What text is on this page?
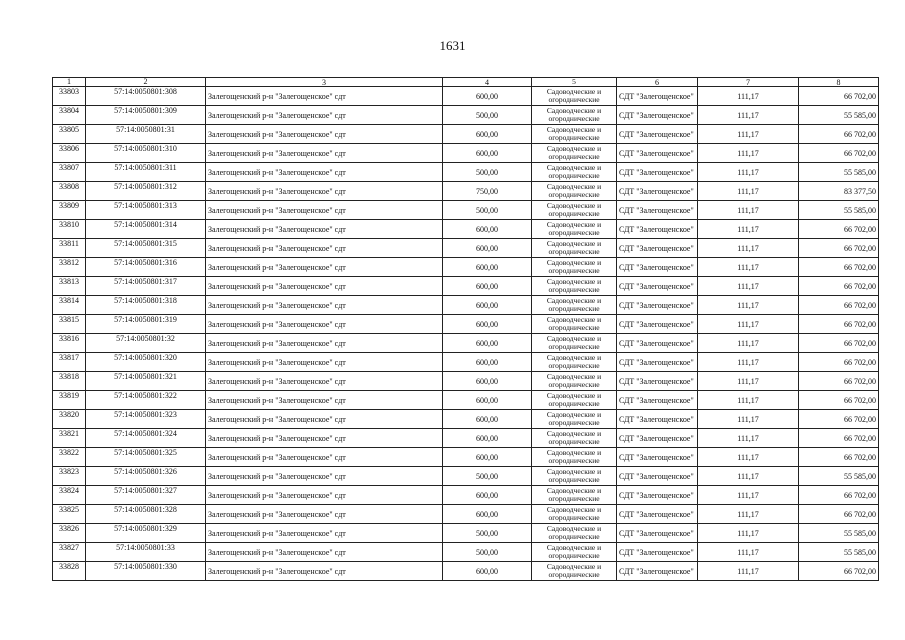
1631
1	2	3	4	5	6	7	8
33803	57:14:0050801:308	Залегощенский р-н "Залегощенское" сдт	600,00	Садоводческие и огороднические	СДТ "Залегощенское"	111,17	66 702,00
33804	57:14:0050801:309	Залегощенский р-н "Залегощенское" сдт	500,00	Садоводческие и огороднические	СДТ "Залегощенское"	111,17	55 585,00
33805	57:14:0050801:31	Залегощенский р-н "Залегощенское" сдт	600,00	Садоводческие и огороднические	СДТ "Залегощенское"	111,17	66 702,00
33806	57:14:0050801:310	Залегощенский р-н "Залегощенское" сдт	600,00	Садоводческие и огороднические	СДТ "Залегощенское"	111,17	66 702,00
33807	57:14:0050801:311	Залегощенский р-н "Залегощенское" сдт	500,00	Садоводческие и огороднические	СДТ "Залегощенское"	111,17	55 585,00
33808	57:14:0050801:312	Залегощенский р-н "Залегощенское" сдт	750,00	Садоводческие и огороднические	СДТ "Залегощенское"	111,17	83 377,50
33809	57:14:0050801:313	Залегощенский р-н "Залегощенское" сдт	500,00	Садоводческие и огороднические	СДТ "Залегощенское"	111,17	55 585,00
33810	57:14:0050801:314	Залегощенский р-н "Залегощенское" сдт	600,00	Садоводческие и огороднические	СДТ "Залегощенское"	111,17	66 702,00
33811	57:14:0050801:315	Залегощенский р-н "Залегощенское" сдт	600,00	Садоводческие и огороднические	СДТ "Залегощенское"	111,17	66 702,00
33812	57:14:0050801:316	Залегощенский р-н "Залегощенское" сдт	600,00	Садоводческие и огороднические	СДТ "Залегощенское"	111,17	66 702,00
33813	57:14:0050801:317	Залегощенский р-н "Залегощенское" сдт	600,00	Садоводческие и огороднические	СДТ "Залегощенское"	111,17	66 702,00
33814	57:14:0050801:318	Залегощенский р-н "Залегощенское" сдт	600,00	Садоводческие и огороднические	СДТ "Залегощенское"	111,17	66 702,00
33815	57:14:0050801:319	Залегощенский р-н "Залегощенское" сдт	600,00	Садоводческие и огороднические	СДТ "Залегощенское"	111,17	66 702,00
33816	57:14:0050801:32	Залегощенский р-н "Залегощенское" сдт	600,00	Садоводческие и огороднические	СДТ "Залегощенское"	111,17	66 702,00
33817	57:14:0050801:320	Залегощенский р-н "Залегощенское" сдт	600,00	Садоводческие и огороднические	СДТ "Залегощенское"	111,17	66 702,00
33818	57:14:0050801:321	Залегощенский р-н "Залегощенское" сдт	600,00	Садоводческие и огороднические	СДТ "Залегощенское"	111,17	66 702,00
33819	57:14:0050801:322	Залегощенский р-н "Залегощенское" сдт	600,00	Садоводческие и огороднические	СДТ "Залегощенское"	111,17	66 702,00
33820	57:14:0050801:323	Залегощенский р-н "Залегощенское" сдт	600,00	Садоводческие и огороднические	СДТ "Залегощенское"	111,17	66 702,00
33821	57:14:0050801:324	Залегощенский р-н "Залегощенское" сдт	600,00	Садоводческие и огороднические	СДТ "Залегощенское"	111,17	66 702,00
33822	57:14:0050801:325	Залегощенский р-н "Залегощенское" сдт	600,00	Садоводческие и огороднические	СДТ "Залегощенское"	111,17	66 702,00
33823	57:14:0050801:326	Залегощенский р-н "Залегощенское" сдт	500,00	Садоводческие и огороднические	СДТ "Залегощенское"	111,17	55 585,00
33824	57:14:0050801:327	Залегощенский р-н "Залегощенское" сдт	600,00	Садоводческие и огороднические	СДТ "Залегощенское"	111,17	66 702,00
33825	57:14:0050801:328	Залегощенский р-н "Залегощенское" сдт	600,00	Садоводческие и огороднические	СДТ "Залегощенское"	111,17	66 702,00
33826	57:14:0050801:329	Залегощенский р-н "Залегощенское" сдт	500,00	Садоводческие и огороднические	СДТ "Залегощенское"	111,17	55 585,00
33827	57:14:0050801:33	Залегощенский р-н "Залегощенское" сдт	500,00	Садоводческие и огороднические	СДТ "Залегощенское"	111,17	55 585,00
33828	57:14:0050801:330	Залегощенский р-н "Залегощенское" сдт	600,00	Садоводческие и огороднические	СДТ "Залегощенское"	111,17	66 702,00
